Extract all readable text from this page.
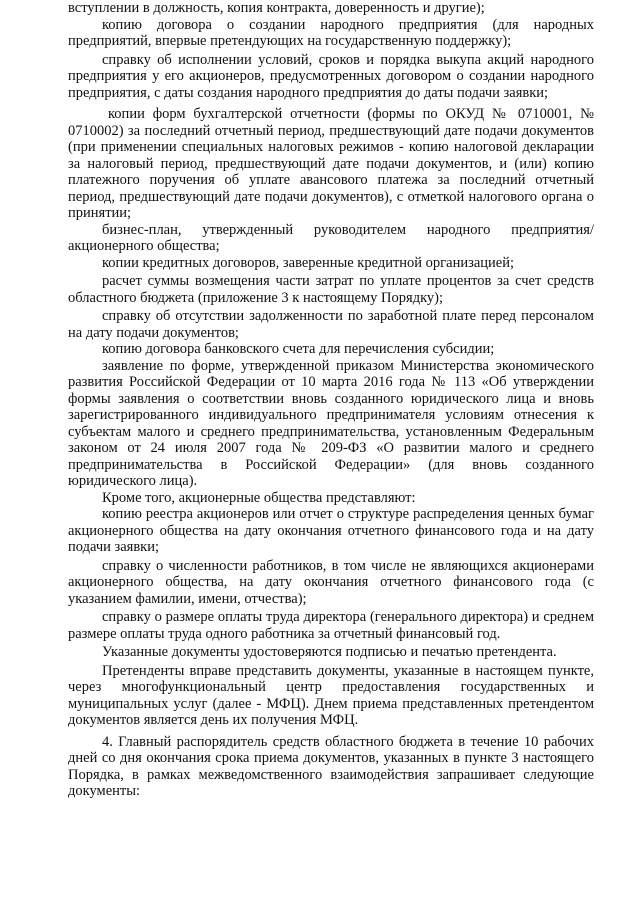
вступлении в должность, копия контракта, доверенность и другие);

копию договора о создании народного предприятия (для народных предприятий, впервые претендующих на государственную поддержку);

справку об исполнении условий, сроков и порядка выкупа акций народного предприятия у его акционеров, предусмотренных договором о создании народного предприятия, с даты создания народного предприятия до даты подачи заявки;

копии форм бухгалтерской отчетности (формы по ОКУД № 0710001, № 0710002) за последний отчетный период, предшествующий дате подачи документов (при применении специальных налоговых режимов - копию налоговой декларации за налоговый период, предшествующий дате подачи документов, и (или) копию платежного поручения об уплате авансового платежа за последний отчетный период, предшествующий дате подачи документов), с отметкой налогового органа о принятии;

бизнес-план, утвержденный руководителем народного предприятия/акционерного общества;

копии кредитных договоров, заверенные кредитной организацией;

расчет суммы возмещения части затрат по уплате процентов за счет средств областного бюджета (приложение 3 к настоящему Порядку);

справку об отсутствии задолженности по заработной плате перед персоналом на дату подачи документов;

копию договора банковского счета для перечисления субсидии;

заявление по форме, утвержденной приказом Министерства экономического развития Российской Федерации от 10 марта 2016 года № 113 «Об утверждении формы заявления о соответствии вновь созданного юридического лица и вновь зарегистрированного индивидуального предпринимателя условиям отнесения к субъектам малого и среднего предпринимательства, установленным Федеральным законом от 24 июля 2007 года № 209-ФЗ «О развитии малого и среднего предпринимательства в Российской Федерации» (для вновь созданного юридического лица).

Кроме того, акционерные общества представляют:

копию реестра акционеров или отчет о структуре распределения ценных бумаг акционерного общества на дату окончания отчетного финансового года и на дату подачи заявки;

справку о численности работников, в том числе не являющихся акционерами акционерного общества, на дату окончания отчетного финансового года (с указанием фамилии, имени, отчества);

справку о размере оплаты труда директора (генерального директора) и среднем размере оплаты труда одного работника за отчетный финансовый год.

Указанные документы удостоверяются подписью и печатью претендента.

Претенденты вправе представить документы, указанные в настоящем пункте, через многофункциональный центр предоставления государственных и муниципальных услуг (далее - МФЦ). Днем приема представленных претендентом документов является день их получения МФЦ.

4. Главный распорядитель средств областного бюджета в течение 10 рабочих дней со дня окончания срока приема документов, указанных в пункте 3 настоящего Порядка, в рамках межведомственного взаимодействия запрашивает следующие документы:
